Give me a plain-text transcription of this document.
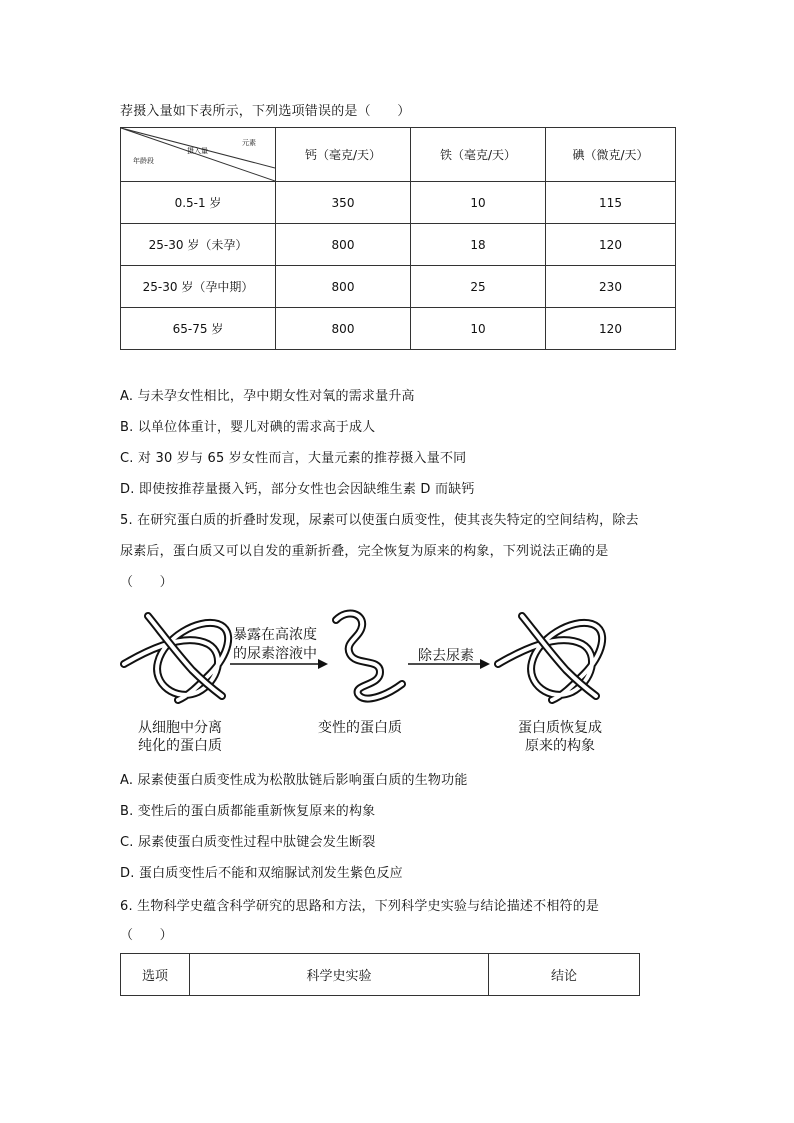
荐摄入量如下表所示，下列选项错误的是（　　）
元素
摄入量
年龄段	钙（毫克/天）	铁（毫克/天）	碘（微克/天）
0.5-1 岁	350	10	115
25-30 岁（未孕）	800	18	120
25-30 岁（孕中期）	800	25	230
65-75 岁	800	10	120
A. 与未孕女性相比，孕中期女性对氧的需求量升高
B. 以单位体重计，婴儿对碘的需求高于成人
C. 对 30 岁与 65 岁女性而言，大量元素的推荐摄入量不同
D. 即使按推荐量摄入钙，部分女性也会因缺维生素 D 而缺钙
5. 在研究蛋白质的折叠时发现，尿素可以使蛋白质变性，使其丧失特定的空间结构，除去
尿素后，蛋白质又可以自发的重新折叠，完全恢复为原来的构象，下列说法正确的是
（　　）
暴露在高浓度
的尿素溶液中	除去尿素
从细胞中分离
纯化的蛋白质
变性的蛋白质	蛋白质恢复成
原来的构象
A. 尿素使蛋白质变性成为松散肽链后影响蛋白质的生物功能
B. 变性后的蛋白质都能重新恢复原来的构象
C. 尿素使蛋白质变性过程中肽键会发生断裂
D. 蛋白质变性后不能和双缩脲试剂发生紫色反应
6. 生物科学史蕴含科学研究的思路和方法，下列科学史实验与结论描述不相符的是
（　　）
选项	科学史实验	结论
